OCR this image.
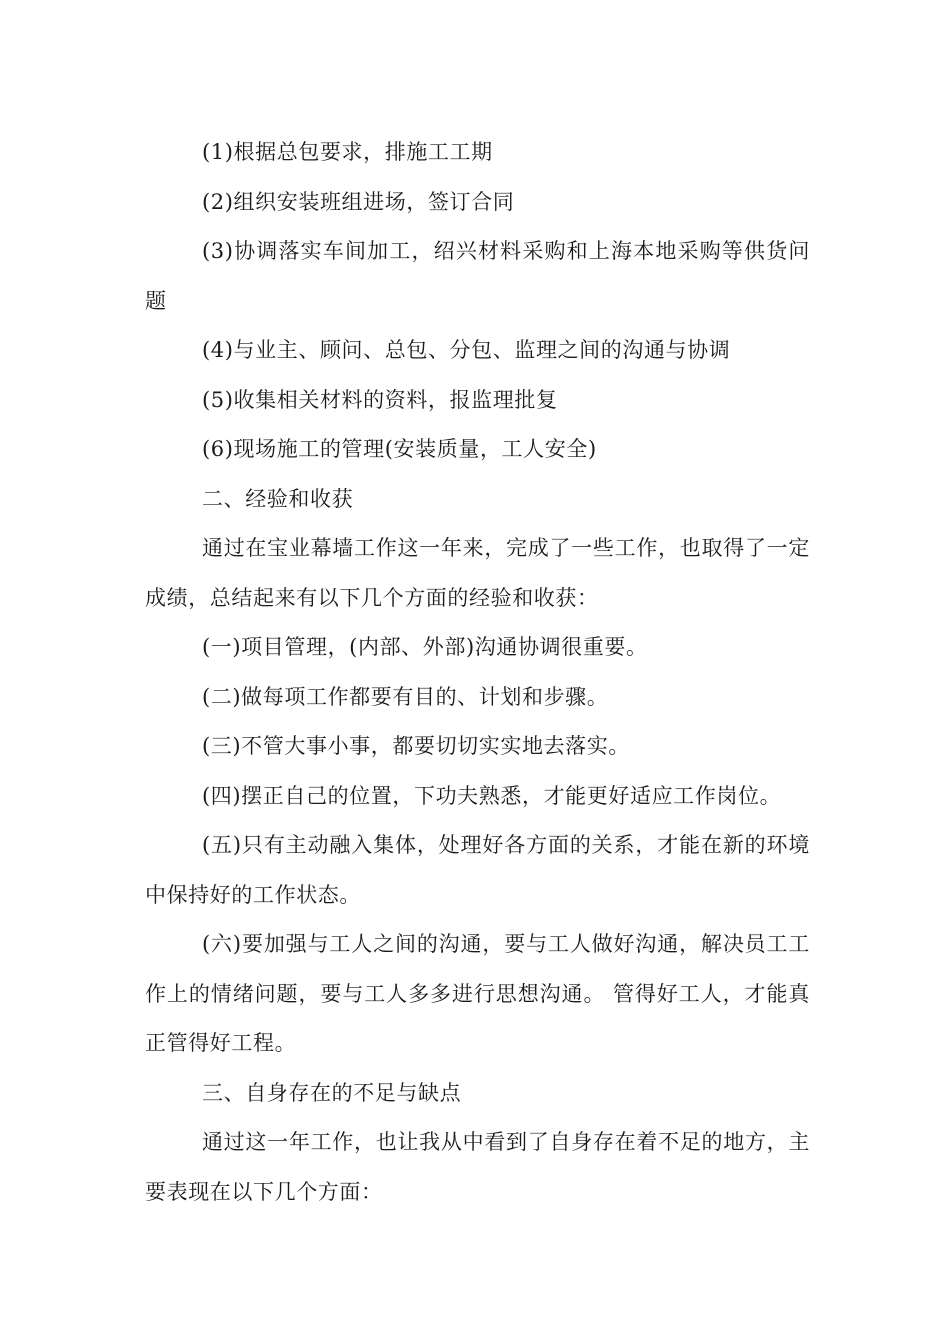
(1)根据总包要求，排施工工期

(2)组织安装班组进场，签订合同

(3)协调落实车间加工，绍兴材料采购和上海本地采购等供货问题

(4)与业主、顾问、总包、分包、监理之间的沟通与协调

(5)收集相关材料的资料，报监理批复

(6)现场施工的管理(安装质量，工人安全)

二、经验和收获

通过在宝业幕墙工作这一年来，完成了一些工作，也取得了一定成绩，总结起来有以下几个方面的经验和收获：

(一)项目管理，(内部、外部)沟通协调很重要。

(二)做每项工作都要有目的、计划和步骤。

(三)不管大事小事，都要切切实实地去落实。

(四)摆正自己的位置，下功夫熟悉，才能更好适应工作岗位。

(五)只有主动融入集体，处理好各方面的关系，才能在新的环境中保持好的工作状态。

(六)要加强与工人之间的沟通，要与工人做好沟通，解决员工工作上的情绪问题，要与工人多多进行思想沟通。 管得好工人，才能真正管得好工程。

三、自身存在的不足与缺点

通过这一年工作，也让我从中看到了自身存在着不足的地方，主要表现在以下几个方面：
